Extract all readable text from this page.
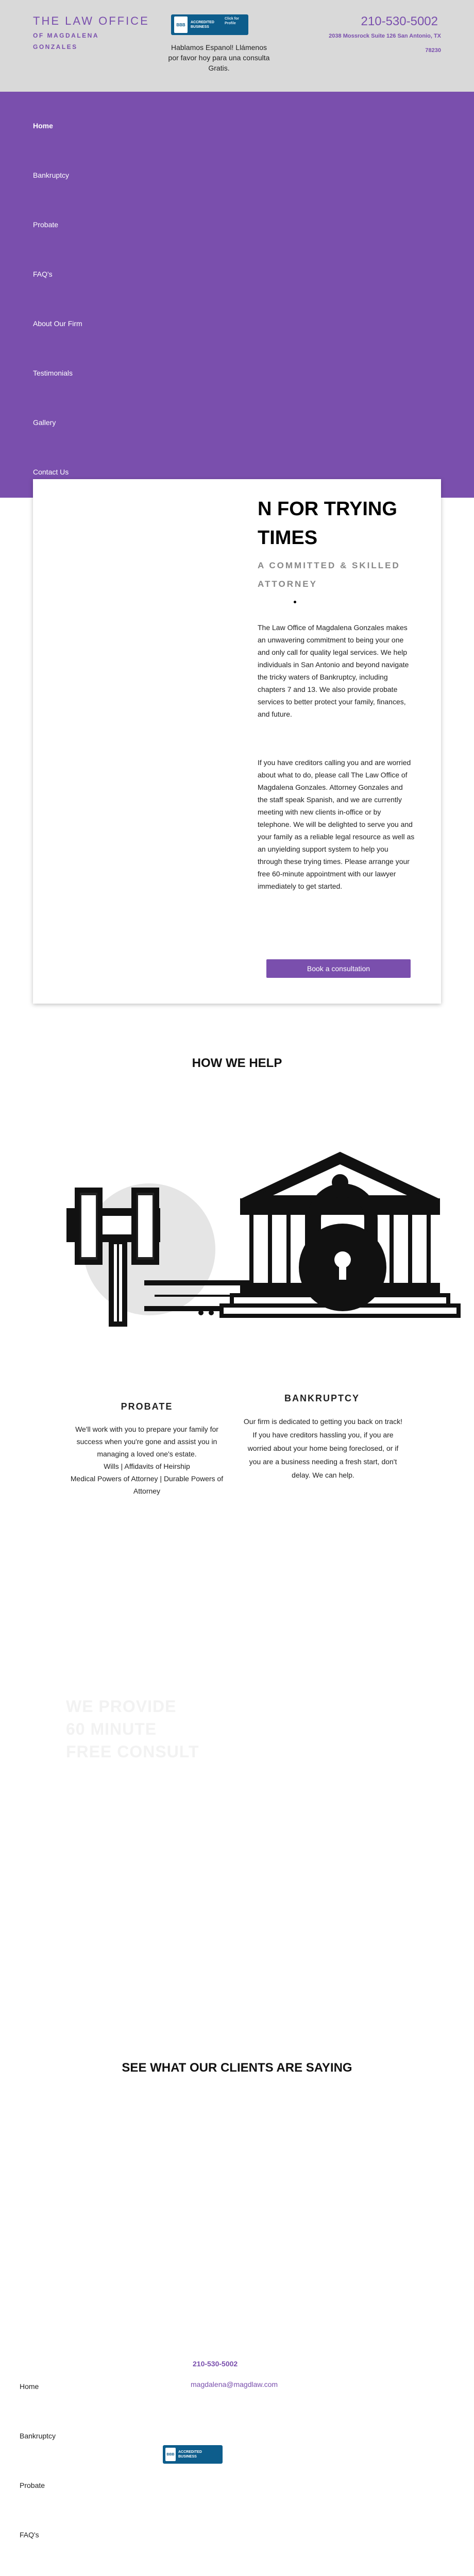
THE LAW OFFICE
OF MAGDALENA
GONZALES
BBB	ACCREDITED BUSINESS
Click for Profile
Hablamos Espanol! Llámenos por favor hoy para una consulta Gratis.
210-530-5002
2038 Mossrock Suite 126 San Antonio, TX
78230
Home
Bankruptcy
Probate
FAQ's
About Our Firm
Testimonials
Gallery
Contact Us
N FOR TRYING
TIMES
A COMMITTED & SKILLED ATTORNEY
The Law Office of Magdalena Gonzales makes an unwavering commitment to being your one and only call for quality legal services. We help individuals in San Antonio and beyond navigate the tricky waters of Bankruptcy, including chapters 7 and 13. We also provide probate services to better protect your family, finances, and future.
If you have creditors calling you and are worried about what to do, please call The Law Office of Magdalena Gonzales. Attorney Gonzales and the staff speak Spanish, and we are currently meeting with new clients in-office or by telephone. We will be delighted to serve you and your family as a reliable legal resource as well as an unyielding support system to help you through these trying times. Please arrange your free 60-minute appointment with our lawyer immediately to get started.
Book a consultation
HOW WE HELP
PROBATE
We'll work with you to prepare your family for success when you're gone and assist you in managing a loved one's estate.
Wills | Affidavits of Heirship
Medical Powers of Attorney | Durable Powers of Attorney
BANKRUPTCY
Our firm is dedicated to getting you back on track! If you have creditors hassling you, if you are worried about your home being foreclosed, or if you are a business needing a fresh start, don't delay. We can help.
WE PROVIDE 60 MINUTE FREE CONSULT
SEE WHAT OUR CLIENTS ARE SAYING
210-530-5002
magdalena@magdlaw.com
BBB
ACCREDITED BUSINESS
Home
Bankruptcy
Probate
FAQ's
